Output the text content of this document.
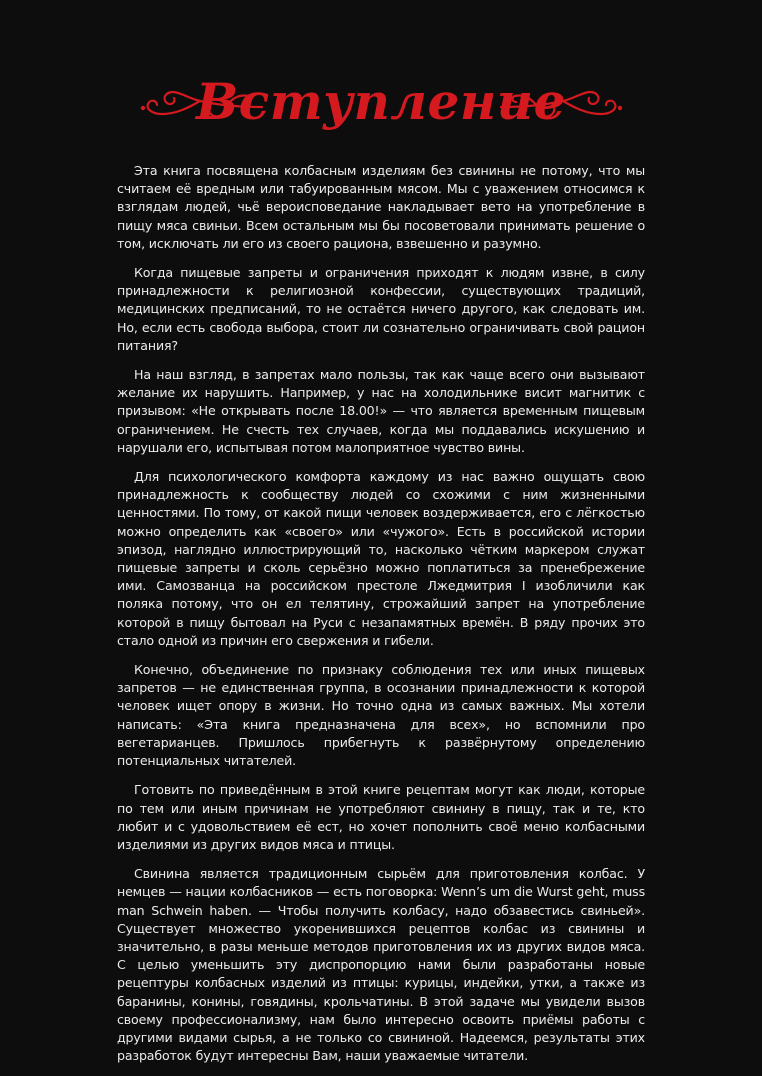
Вступление

Эта книга посвящена колбасным изделиям без свинины не потому, что мы считаем её вредным или табуированным мясом. Мы с уважением относимся к взглядам людей, чьё вероисповедание накладывает вето на употребление в пищу мяса свиньи. Всем остальным мы бы посоветовали принимать решение о том, исключать ли его из своего рациона, взвешенно и разумно.

Когда пищевые запреты и ограничения приходят к людям извне, в силу принадлежности к религиозной конфессии, существующих традиций, медицинских предписаний, то не остаётся ничего другого, как следовать им. Но, если есть свобода выбора, стоит ли сознательно ограничивать свой рацион питания?

На наш взгляд, в запретах мало пользы, так как чаще всего они вызывают желание их нарушить. Например, у нас на холодильнике висит магнитик с призывом: «Не открывать после 18.00!» — что является временным пищевым ограничением. Не счесть тех случаев, когда мы поддавались искушению и нарушали его, испытывая потом малоприятное чувство вины.

Для психологического комфорта каждому из нас важно ощущать свою принадлежность к сообществу людей со схожими с ним жизненными ценностями. По тому, от какой пищи человек воздерживается, его с лёгкостью можно определить как «своего» или «чужого». Есть в российской истории эпизод, наглядно иллюстрирующий то, насколько чётким маркером служат пищевые запреты и сколь серьёзно можно поплатиться за пренебрежение ими. Самозванца на российском престоле Лжедмитрия I изобличили как поляка потому, что он ел телятину, строжайший запрет на употребление которой в пищу бытовал на Руси с незапамятных времён. В ряду прочих это стало одной из причин его свержения и гибели.

Конечно, объединение по признаку соблюдения тех или иных пищевых запретов — не единственная группа, в осознании принадлежности к которой человек ищет опору в жизни. Но точно одна из самых важных. Мы хотели написать: «Эта книга предназначена для всех», но вспомнили про вегетарианцев. Пришлось прибегнуть к развёрнутому определению потенциальных читателей.

Готовить по приведённым в этой книге рецептам могут как люди, которые по тем или иным причинам не употребляют свинину в пищу, так и те, кто любит и с удовольствием её ест, но хочет пополнить своё меню колбасными изделиями из других видов мяса и птицы.

Свинина является традиционным сырьём для приготовления колбас. У немцев — нации колбасников — есть поговорка: Wenn’s um die Wurst geht, muss man Schwein haben. — Чтобы получить колбасу, надо обзавестись свиньей». Существует множество укоренившихся рецептов колбас из свинины и значительно, в разы меньше методов приготовления их из других видов мяса. С целью уменьшить эту диспропорцию нами были разработаны новые рецептуры колбасных изделий из птицы: курицы, индейки, утки, а также из баранины, конины, говядины, крольчатины. В этой задаче мы увидели вызов своему профессионализму, нам было интересно освоить приёмы работы с другими видами сырья, а не только со свининой. Надеемся, результаты этих разработок будут интересны Вам, наши уважаемые читатели.
